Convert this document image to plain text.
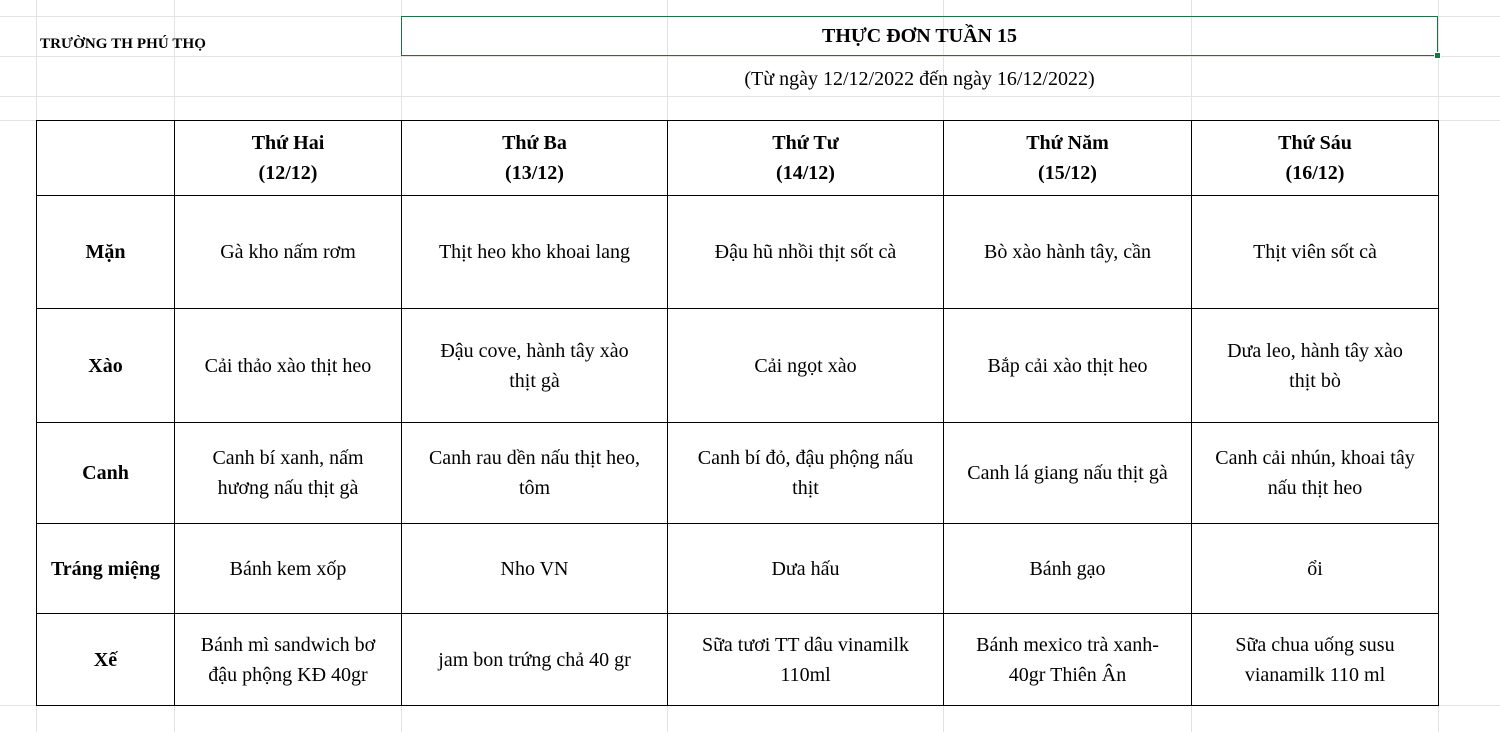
TRƯỜNG TH PHÚ THỌ	THỰC ĐƠN TUẦN 15
(Từ ngày 12/12/2022 đến ngày 16/12/2022)

	Thứ Hai
(12/12)	Thứ Ba
(13/12)	Thứ Tư
(14/12)	Thứ Năm
(15/12)	Thứ Sáu
(16/12)

Mặn	Gà kho nấm rơm	Thịt heo kho khoai lang	Đậu hũ nhồi thịt sốt cà	Bò xào hành tây, cần	Thịt viên sốt cà

Xào	Cải thảo xào thịt heo	Đậu cove, hành tây xào
thịt gà	Cải ngọt xào	Bắp cải xào thịt heo	Dưa leo, hành tây xào
thịt bò

Canh	Canh bí xanh, nấm
hương nấu thịt gà	Canh rau dền nấu thịt heo,
tôm	Canh bí đỏ, đậu phộng nấu
thịt	Canh lá giang nấu thịt gà	Canh cải nhún, khoai tây
nấu thịt heo

Tráng miệng	Bánh kem xốp	Nho VN	Dưa hấu	Bánh gạo	ổi

Xế	Bánh mì sandwich bơ
đậu phộng KĐ 40gr	jam bon trứng chả 40 gr	Sữa tươi TT dâu vinamilk
110ml	Bánh mexico trà xanh-
40gr Thiên Ân	Sữa chua uống susu
vianamilk 110 ml
